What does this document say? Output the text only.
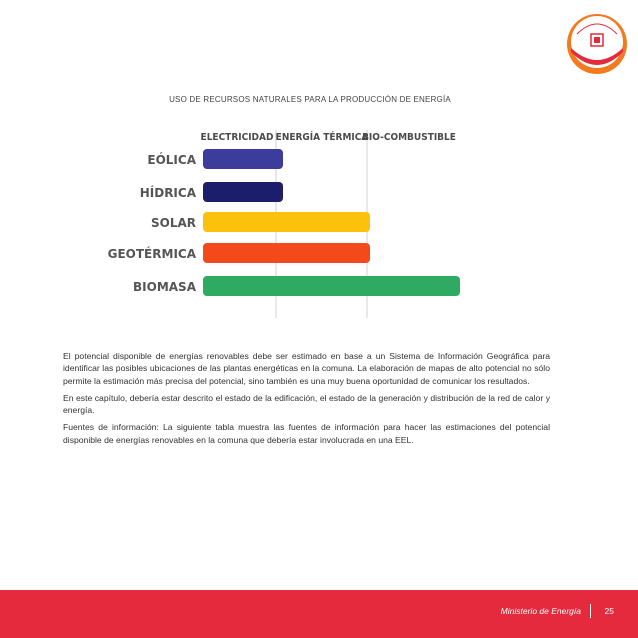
USO DE RECURSOS NATURALES PARA LA PRODUCCIÓN DE ENERGÍA
ELECTRICIDAD ENERGÍA TÉRMICA
BIO-COMBUSTIBLE
EÓLICA
HÍDRICA
SOLAR
GEOTÉRMICA
BIOMASA

El potencial disponible de energías renovables debe ser estimado en base a un Sistema de Información Geográfica para identificar las posibles ubicaciones de las plantas energéticas en la comuna. La elaboración de mapas de alto potencial no sólo permite la estimación más precisa del potencial, sino también es una muy buena oportunidad de comunicar los resultados.

En este capítulo, debería estar descrito el estado de la edificación, el estado de la generación y distribución de la red de calor y energía.

Fuentes de información: La siguiente tabla muestra las fuentes de información para hacer las estimaciones del potencial disponible de energías renovables en la comuna que debería estar involucrada en una EEL.

Ministerio de Energía	25
